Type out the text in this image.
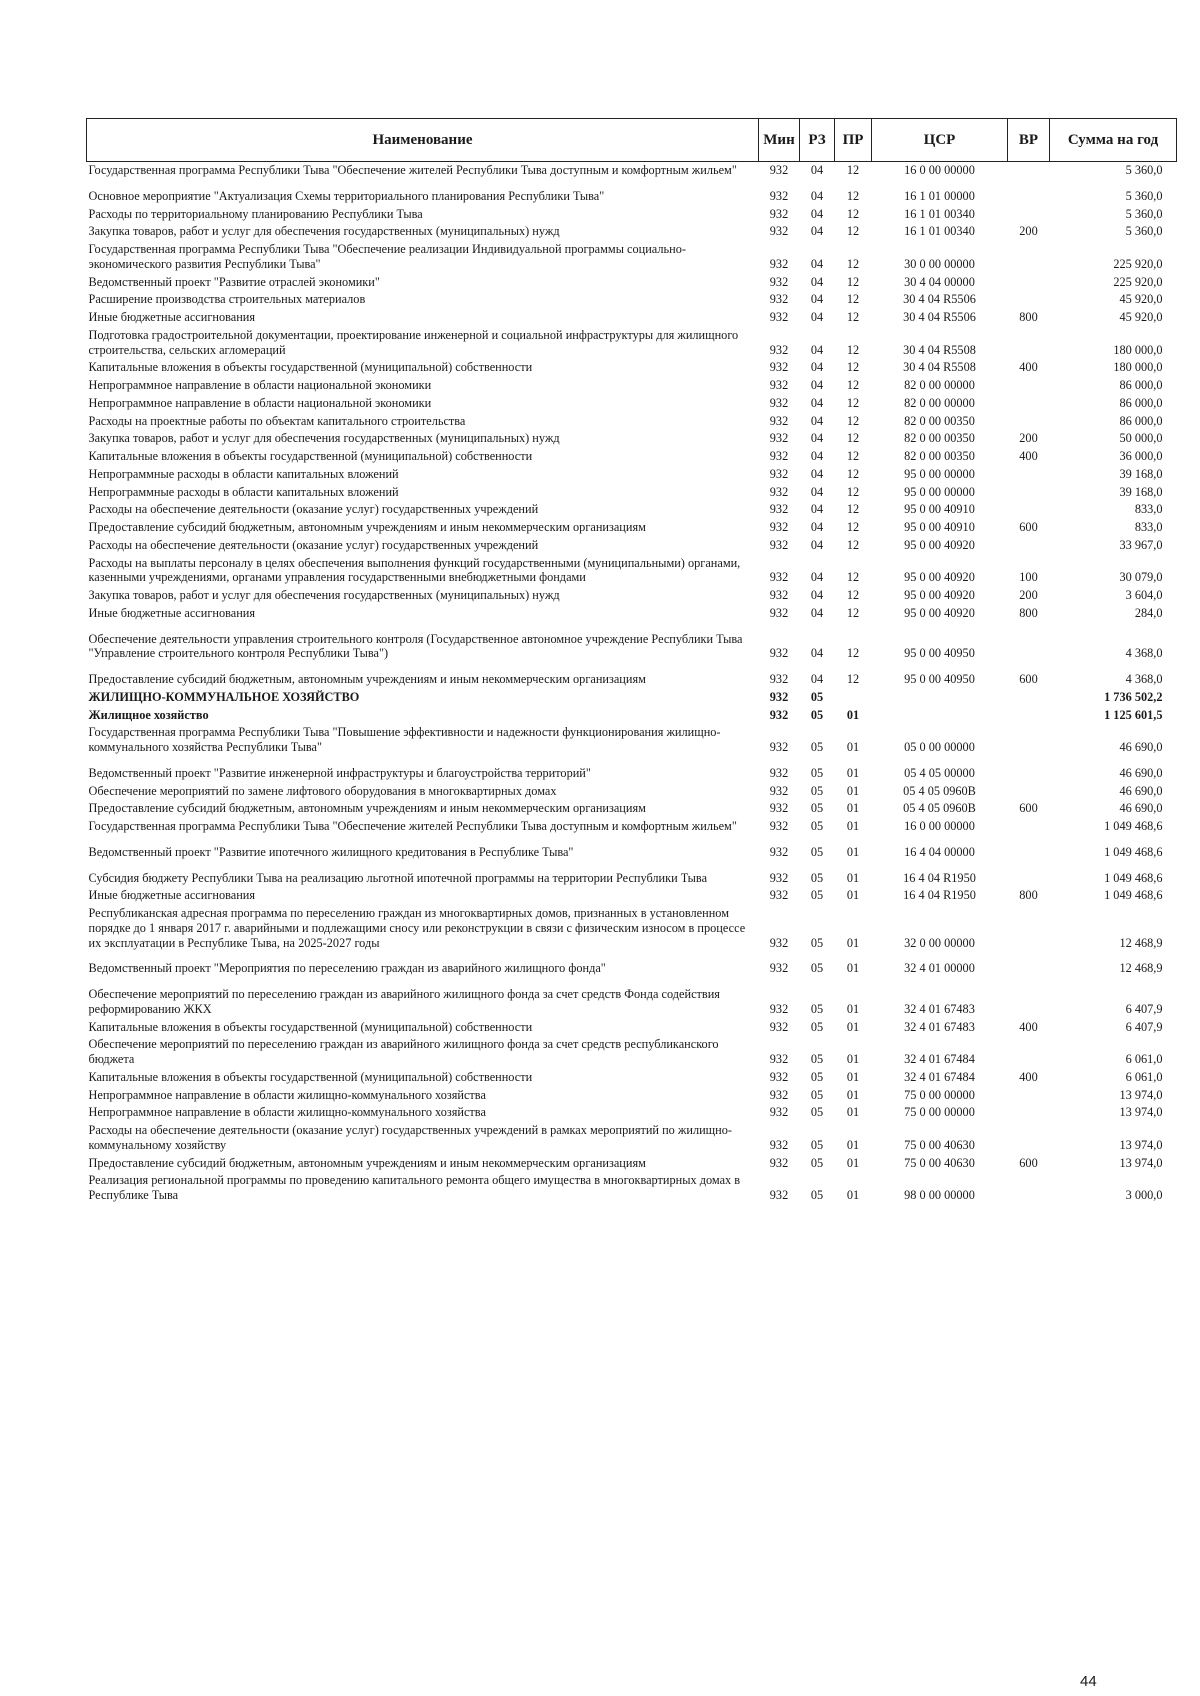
Наименование	Мин	РЗ	ПР	ЦСР	ВР	Сумма на год
Государственная программа Республики Тыва "Обеспечение жителей Республики Тыва доступным и комфортным жильем"	932	04	12	16 0 00 00000		5 360,0
Основное мероприятие "Актуализация Схемы территориального планирования Республики Тыва"	932	04	12	16 1 01 00000		5 360,0
Расходы по территориальному планированию Республики Тыва	932	04	12	16 1 01 00340		5 360,0
Закупка товаров, работ и услуг для обеспечения государственных (муниципальных) нужд	932	04	12	16 1 01 00340	200	5 360,0
Государственная программа Республики Тыва "Обеспечение реализации Индивидуальной программы социально-экономического развития Республики Тыва"	932	04	12	30 0 00 00000		225 920,0
Ведомственный проект "Развитие отраслей экономики"	932	04	12	30 4 04 00000		225 920,0
Расширение производства строительных материалов	932	04	12	30 4 04 R5506		45 920,0
Иные бюджетные ассигнования	932	04	12	30 4 04 R5506	800	45 920,0
Подготовка градостроительной документации, проектирование инженерной и социальной инфраструктуры для жилищного строительства, сельских агломераций	932	04	12	30 4 04 R5508		180 000,0
Капитальные вложения в объекты государственной (муниципальной) собственности	932	04	12	30 4 04 R5508	400	180 000,0
Непрограммное направление в области национальной экономики	932	04	12	82 0 00 00000		86 000,0
Непрограммное направление в области национальной экономики	932	04	12	82 0 00 00000		86 000,0
Расходы на проектные работы по объектам капитального строительства	932	04	12	82 0 00 00350		86 000,0
Закупка товаров, работ и услуг для обеспечения государственных (муниципальных) нужд	932	04	12	82 0 00 00350	200	50 000,0
Капитальные вложения в объекты государственной (муниципальной) собственности	932	04	12	82 0 00 00350	400	36 000,0
Непрограммные расходы в области капитальных вложений	932	04	12	95 0 00 00000		39 168,0
Непрограммные расходы в области капитальных вложений	932	04	12	95 0 00 00000		39 168,0
Расходы на обеспечение деятельности (оказание услуг) государственных учреждений	932	04	12	95 0 00 40910		833,0
Предоставление субсидий бюджетным, автономным учреждениям и иным некоммерческим организациям	932	04	12	95 0 00 40910	600	833,0
Расходы на обеспечение деятельности (оказание услуг) государственных учреждений	932	04	12	95 0 00 40920		33 967,0
Расходы на выплаты персоналу в целях обеспечения выполнения функций государственными (муниципальными) органами, казенными учреждениями, органами управления государственными внебюджетными фондами	932	04	12	95 0 00 40920	100	30 079,0
Закупка товаров, работ и услуг для обеспечения государственных (муниципальных) нужд	932	04	12	95 0 00 40920	200	3 604,0
Иные бюджетные ассигнования	932	04	12	95 0 00 40920	800	284,0
Обеспечение деятельности управления строительного контроля (Государственное автономное учреждение Республики Тыва "Управление строительного контроля Республики Тыва")	932	04	12	95 0 00 40950		4 368,0
Предоставление субсидий бюджетным, автономным учреждениям и иным некоммерческим организациям	932	04	12	95 0 00 40950	600	4 368,0
ЖИЛИЩНО-КОММУНАЛЬНОЕ ХОЗЯЙСТВО	932	05				1 736 502,2
Жилищное хозяйство	932	05	01			1 125 601,5
Государственная программа Республики Тыва "Повышение эффективности и надежности функционирования жилищно-коммунального хозяйства Республики Тыва"	932	05	01	05 0 00 00000		46 690,0
Ведомственный проект "Развитие инженерной инфраструктуры и благоустройства территорий"	932	05	01	05 4 05 00000		46 690,0
Обеспечение мероприятий по замене лифтового оборудования в многоквартирных домах	932	05	01	05 4 05 0960В		46 690,0
Предоставление субсидий бюджетным, автономным учреждениям и иным некоммерческим организациям	932	05	01	05 4 05 0960В	600	46 690,0
Государственная программа Республики Тыва "Обеспечение жителей Республики Тыва доступным и комфортным жильем"	932	05	01	16 0 00 00000		1 049 468,6
Ведомственный проект "Развитие ипотечного жилищного кредитования в Республике Тыва"	932	05	01	16 4 04 00000		1 049 468,6
Субсидия бюджету Республики Тыва на реализацию льготной ипотечной программы на территории Республики Тыва	932	05	01	16 4 04 R1950		1 049 468,6
Иные бюджетные ассигнования	932	05	01	16 4 04 R1950	800	1 049 468,6
Республиканская адресная программа по переселению граждан из многоквартирных домов, признанных в установленном порядке до 1 января 2017 г. аварийными и подлежащими сносу или реконструкции в связи с физическим износом в процессе их эксплуатации в Республике Тыва, на 2025-2027 годы	932	05	01	32 0 00 00000		12 468,9
Ведомственный проект "Мероприятия по переселению граждан из аварийного жилищного фонда"	932	05	01	32 4 01 00000		12 468,9
Обеспечение мероприятий по переселению граждан из аварийного жилищного фонда за счет средств Фонда содействия реформированию ЖКХ	932	05	01	32 4 01 67483		6 407,9
Капитальные вложения в объекты государственной (муниципальной) собственности	932	05	01	32 4 01 67483	400	6 407,9
Обеспечение мероприятий по переселению граждан из аварийного жилищного фонда за счет средств республиканского бюджета	932	05	01	32 4 01 67484		6 061,0
Капитальные вложения в объекты государственной (муниципальной) собственности	932	05	01	32 4 01 67484	400	6 061,0
Непрограммное направление в области жилищно-коммунального хозяйства	932	05	01	75 0 00 00000		13 974,0
Непрограммное направление в области жилищно-коммунального хозяйства	932	05	01	75 0 00 00000		13 974,0
Расходы на обеспечение деятельности (оказание услуг) государственных учреждений в рамках мероприятий по жилищно-коммунальному хозяйству	932	05	01	75 0 00 40630		13 974,0
Предоставление субсидий бюджетным, автономным учреждениям и иным некоммерческим организациям	932	05	01	75 0 00 40630	600	13 974,0
Реализация региональной программы по проведению капитального ремонта общего имущества в многоквартирных домах в Республике Тыва	932	05	01	98 0 00 00000		3 000,0
44
